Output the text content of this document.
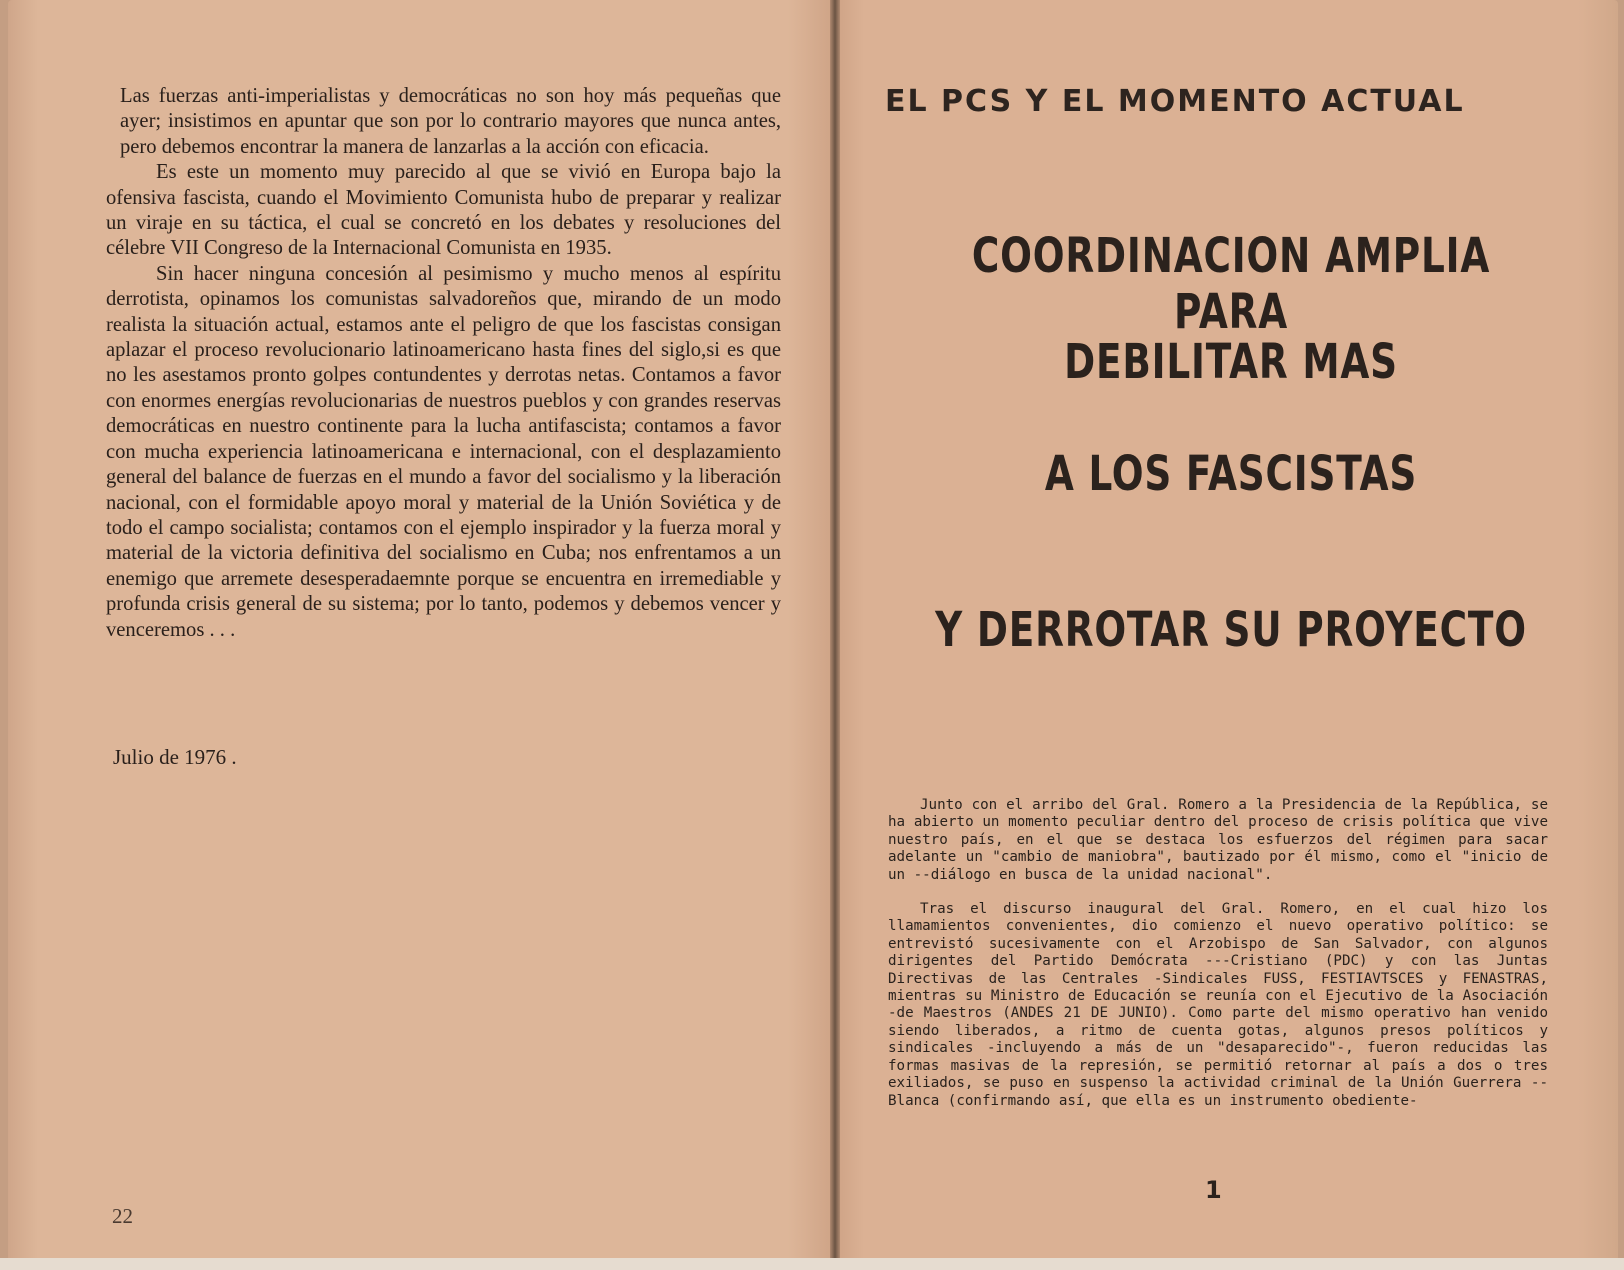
Las fuerzas anti-imperialistas y democráticas no son hoy más pequeñas que ayer; insistimos en apuntar que son por lo contrario mayores que nunca antes, pero debemos encontrar la manera de lanzarlas a la acción con eficacia.

Es este un momento muy parecido al que se vivió en Europa bajo la ofensiva fascista, cuando el Movimiento Comunista hubo de preparar y realizar un viraje en su táctica, el cual se concretó en los debates y resoluciones del célebre VII Congreso de la Internacional Comunista en 1935.

Sin hacer ninguna concesión al pesimismo y mucho menos al espíritu derrotista, opinamos los comunistas salvadoreños que, mirando de un modo realista la situación actual, estamos ante el peligro de que los fascistas consigan aplazar el proceso revolucionario latinoamericano hasta fines del siglo,si es que no les asestamos pronto golpes contundentes y derrotas netas. Contamos a favor con enormes energías revolucionarias de nuestros pueblos y con grandes reservas democráticas en nuestro continente para la lucha antifascista; contamos a favor con mucha experiencia latinoamericana e internacional, con el desplazamiento general del balance de fuerzas en el mundo a favor del socialismo y la liberación nacional, con el formidable apoyo moral y material de la Unión Soviética y de todo el campo socialista; contamos con el ejemplo inspirador y la fuerza moral y material de la victoria definitiva del socialismo en Cuba; nos enfrentamos a un enemigo que arremete desesperadaemnte porque se encuentra en irremediable y profunda crisis general de su sistema; por lo tanto, podemos y debemos vencer y venceremos . . .

Julio de 1976 .
22
EL PCS Y EL MOMENTO ACTUAL
COORDINACION AMPLIA PARA
DEBILITAR MAS
A LOS FASCISTAS
Y DERROTAR SU PROYECTO

Junto con el arribo del Gral. Romero a la Presidencia de la República, se ha abierto un momento peculiar dentro del proceso de crisis política que vive nuestro país, en el que se destaca los esfuerzos del régimen para sacar adelante un "cambio de maniobra", bautizado por él mismo, como el "inicio de un --diálogo en busca de la unidad nacional".

Tras el discurso inaugural del Gral. Romero, en el cual hizo los llamamientos convenientes, dio comienzo el nuevo operativo político: se entrevistó sucesivamente con el Arzobispo de San Salvador, con algunos dirigentes del Partido Demócrata ---Cristiano (PDC) y con las Juntas Directivas de las Centrales -Sindicales FUSS, FESTIAVTSCES y FENASTRAS, mientras su Ministro de Educación se reunía con el Ejecutivo de la Asociación -de Maestros (ANDES 21 DE JUNIO). Como parte del mismo operativo han venido siendo liberados, a ritmo de cuenta gotas, algunos presos políticos y sindicales -incluyendo a más de un "desaparecido"-, fueron reducidas las formas masivas de la represión, se permitió retornar al país a dos o tres exiliados, se puso en suspenso la actividad criminal de la Unión Guerrera --Blanca (confirmando así, que ella es un instrumento obediente-

1
